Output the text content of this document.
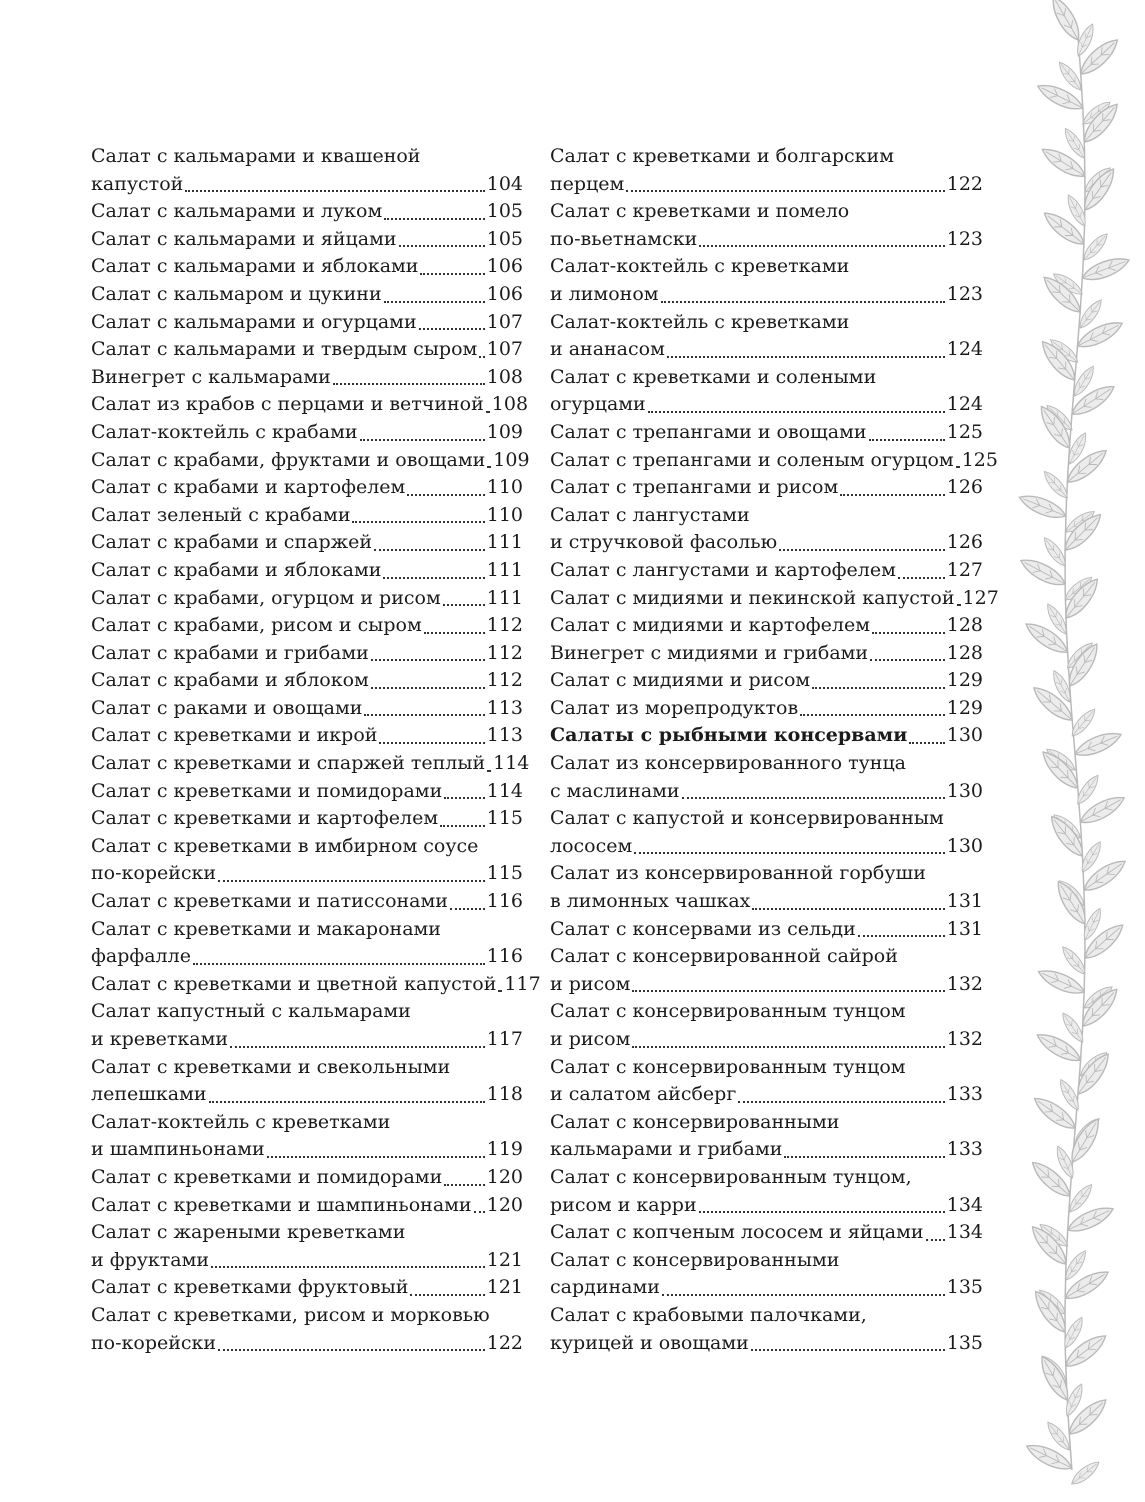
Салат с кальмарами и квашеной
капустой	104
Салат с кальмарами и луком	105
Салат с кальмарами и яйцами	105
Салат с кальмарами и яблоками	106
Салат с кальмаром и цукини	106
Салат с кальмарами и огурцами	107
Салат с кальмарами и твердым сыром 107
Винегрет с кальмарами	108
Салат из крабов с перцами и ветчиной 108
Салат-коктейль с крабами	109
Салат с крабами, фруктами и овощами 109
Салат с крабами и картофелем	110
Салат зеленый с крабами	110
Салат с крабами и спаржей	111
Салат с крабами и яблоками	111
Салат с крабами, огурцом и рисом 111
Салат с крабами, рисом и сыром	112
Салат с крабами и грибами	112
Салат с крабами и яблоком	112
Салат с раками и овощами	113
Салат с креветками и икрой	113
Салат с креветками и спаржей теплый 114
Салат с креветками и помидорами 114
Салат с креветками и картофелем	115
Салат с креветками в имбирном соусе
по-корейски	115
Салат с креветками и патиссонами 116
Салат с креветками и макаронами
фарфалле	116
Салат с креветками и цветной капустой 117
Салат капустный с кальмарами
и креветками	117
Салат с креветками и свекольными
лепешками	118
Салат-коктейль с креветками
и шампиньонами	119
Салат с креветками и помидорами 120
Салат с креветками и шампиньонами 120
Салат с жареными креветками
и фруктами	121
Салат с креветками фруктовый	121
Салат с креветками, рисом и морковью
по-корейски	122
Салат с креветками и болгарским
перцем	122
Салат с креветками и помело
по-вьетнамски	123
Салат-коктейль с креветками
и лимоном	123
Салат-коктейль с креветками
и ананасом	124
Салат с креветками и солеными
огурцами	124
Салат с трепангами и овощами	125
Салат с трепангами и соленым огурцом 125
Салат с трепангами и рисом	126
Салат с лангустами
и стручковой фасолью	126
Салат с лангустами и картофелем	127
Салат с мидиями и пекинской капустой 127
Салат с мидиями и картофелем	128
Винегрет с мидиями и грибами	128
Салат с мидиями и рисом	129
Салат из морепродуктов	129
Салаты с рыбными консервами 130
Салат из консервированного тунца
с маслинами	130
Салат с капустой и консервированным
лососем	130
Салат из консервированной горбуши
в лимонных чашках	131
Салат с консервами из сельди	131
Салат с консервированной сайрой
и рисом	132
Салат с консервированным тунцом
и рисом	132
Салат с консервированным тунцом
и салатом айсберг	133
Салат с консервированными
кальмарами и грибами	133
Салат с консервированным тунцом,
рисом и карри	134
Салат с копченым лососем и яйцами 134
Салат с консервированными
сардинами	135
Салат с крабовыми палочками,
курицей и овощами	135
